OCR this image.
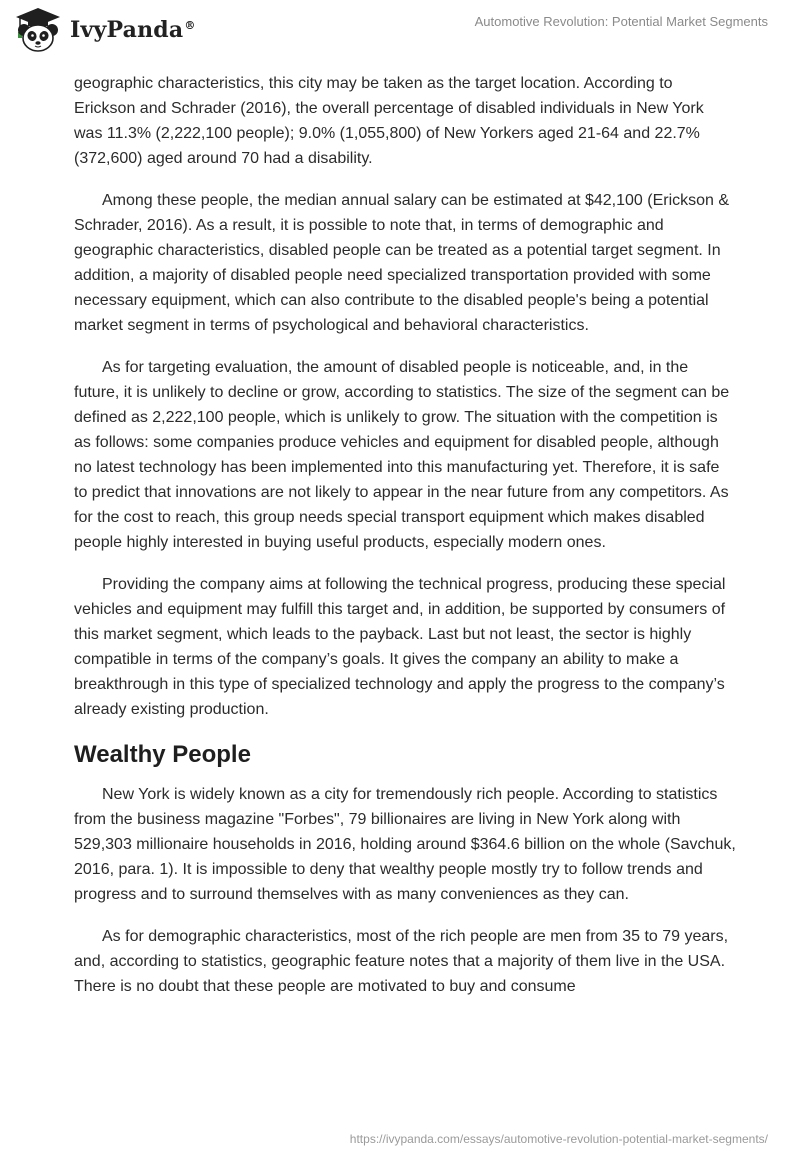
IvyPanda®	Automotive Revolution: Potential Market Segments

geographic characteristics, this city may be taken as the target location. According to Erickson and Schrader (2016), the overall percentage of disabled individuals in New York was 11.3% (2,222,100 people); 9.0% (1,055,800) of New Yorkers aged 21-64 and 22.7% (372,600) aged around 70 had a disability.

Among these people, the median annual salary can be estimated at $42,100 (Erickson & Schrader, 2016). As a result, it is possible to note that, in terms of demographic and geographic characteristics, disabled people can be treated as a potential target segment. In addition, a majority of disabled people need specialized transportation provided with some necessary equipment, which can also contribute to the disabled people's being a potential market segment in terms of psychological and behavioral characteristics.

As for targeting evaluation, the amount of disabled people is noticeable, and, in the future, it is unlikely to decline or grow, according to statistics. The size of the segment can be defined as 2,222,100 people, which is unlikely to grow. The situation with the competition is as follows: some companies produce vehicles and equipment for disabled people, although no latest technology has been implemented into this manufacturing yet. Therefore, it is safe to predict that innovations are not likely to appear in the near future from any competitors. As for the cost to reach, this group needs special transport equipment which makes disabled people highly interested in buying useful products, especially modern ones.

Providing the company aims at following the technical progress, producing these special vehicles and equipment may fulfill this target and, in addition, be supported by consumers of this market segment, which leads to the payback. Last but not least, the sector is highly compatible in terms of the company’s goals. It gives the company an ability to make a breakthrough in this type of specialized technology and apply the progress to the company’s already existing production.

Wealthy People

New York is widely known as a city for tremendously rich people. According to statistics from the business magazine "Forbes", 79 billionaires are living in New York along with 529,303 millionaire households in 2016, holding around $364.6 billion on the whole (Savchuk, 2016, para. 1). It is impossible to deny that wealthy people mostly try to follow trends and progress and to surround themselves with as many conveniences as they can.

As for demographic characteristics, most of the rich people are men from 35 to 79 years, and, according to statistics, geographic feature notes that a majority of them live in the USA. There is no doubt that these people are motivated to buy and consume

https://ivypanda.com/essays/automotive-revolution-potential-market-segments/
